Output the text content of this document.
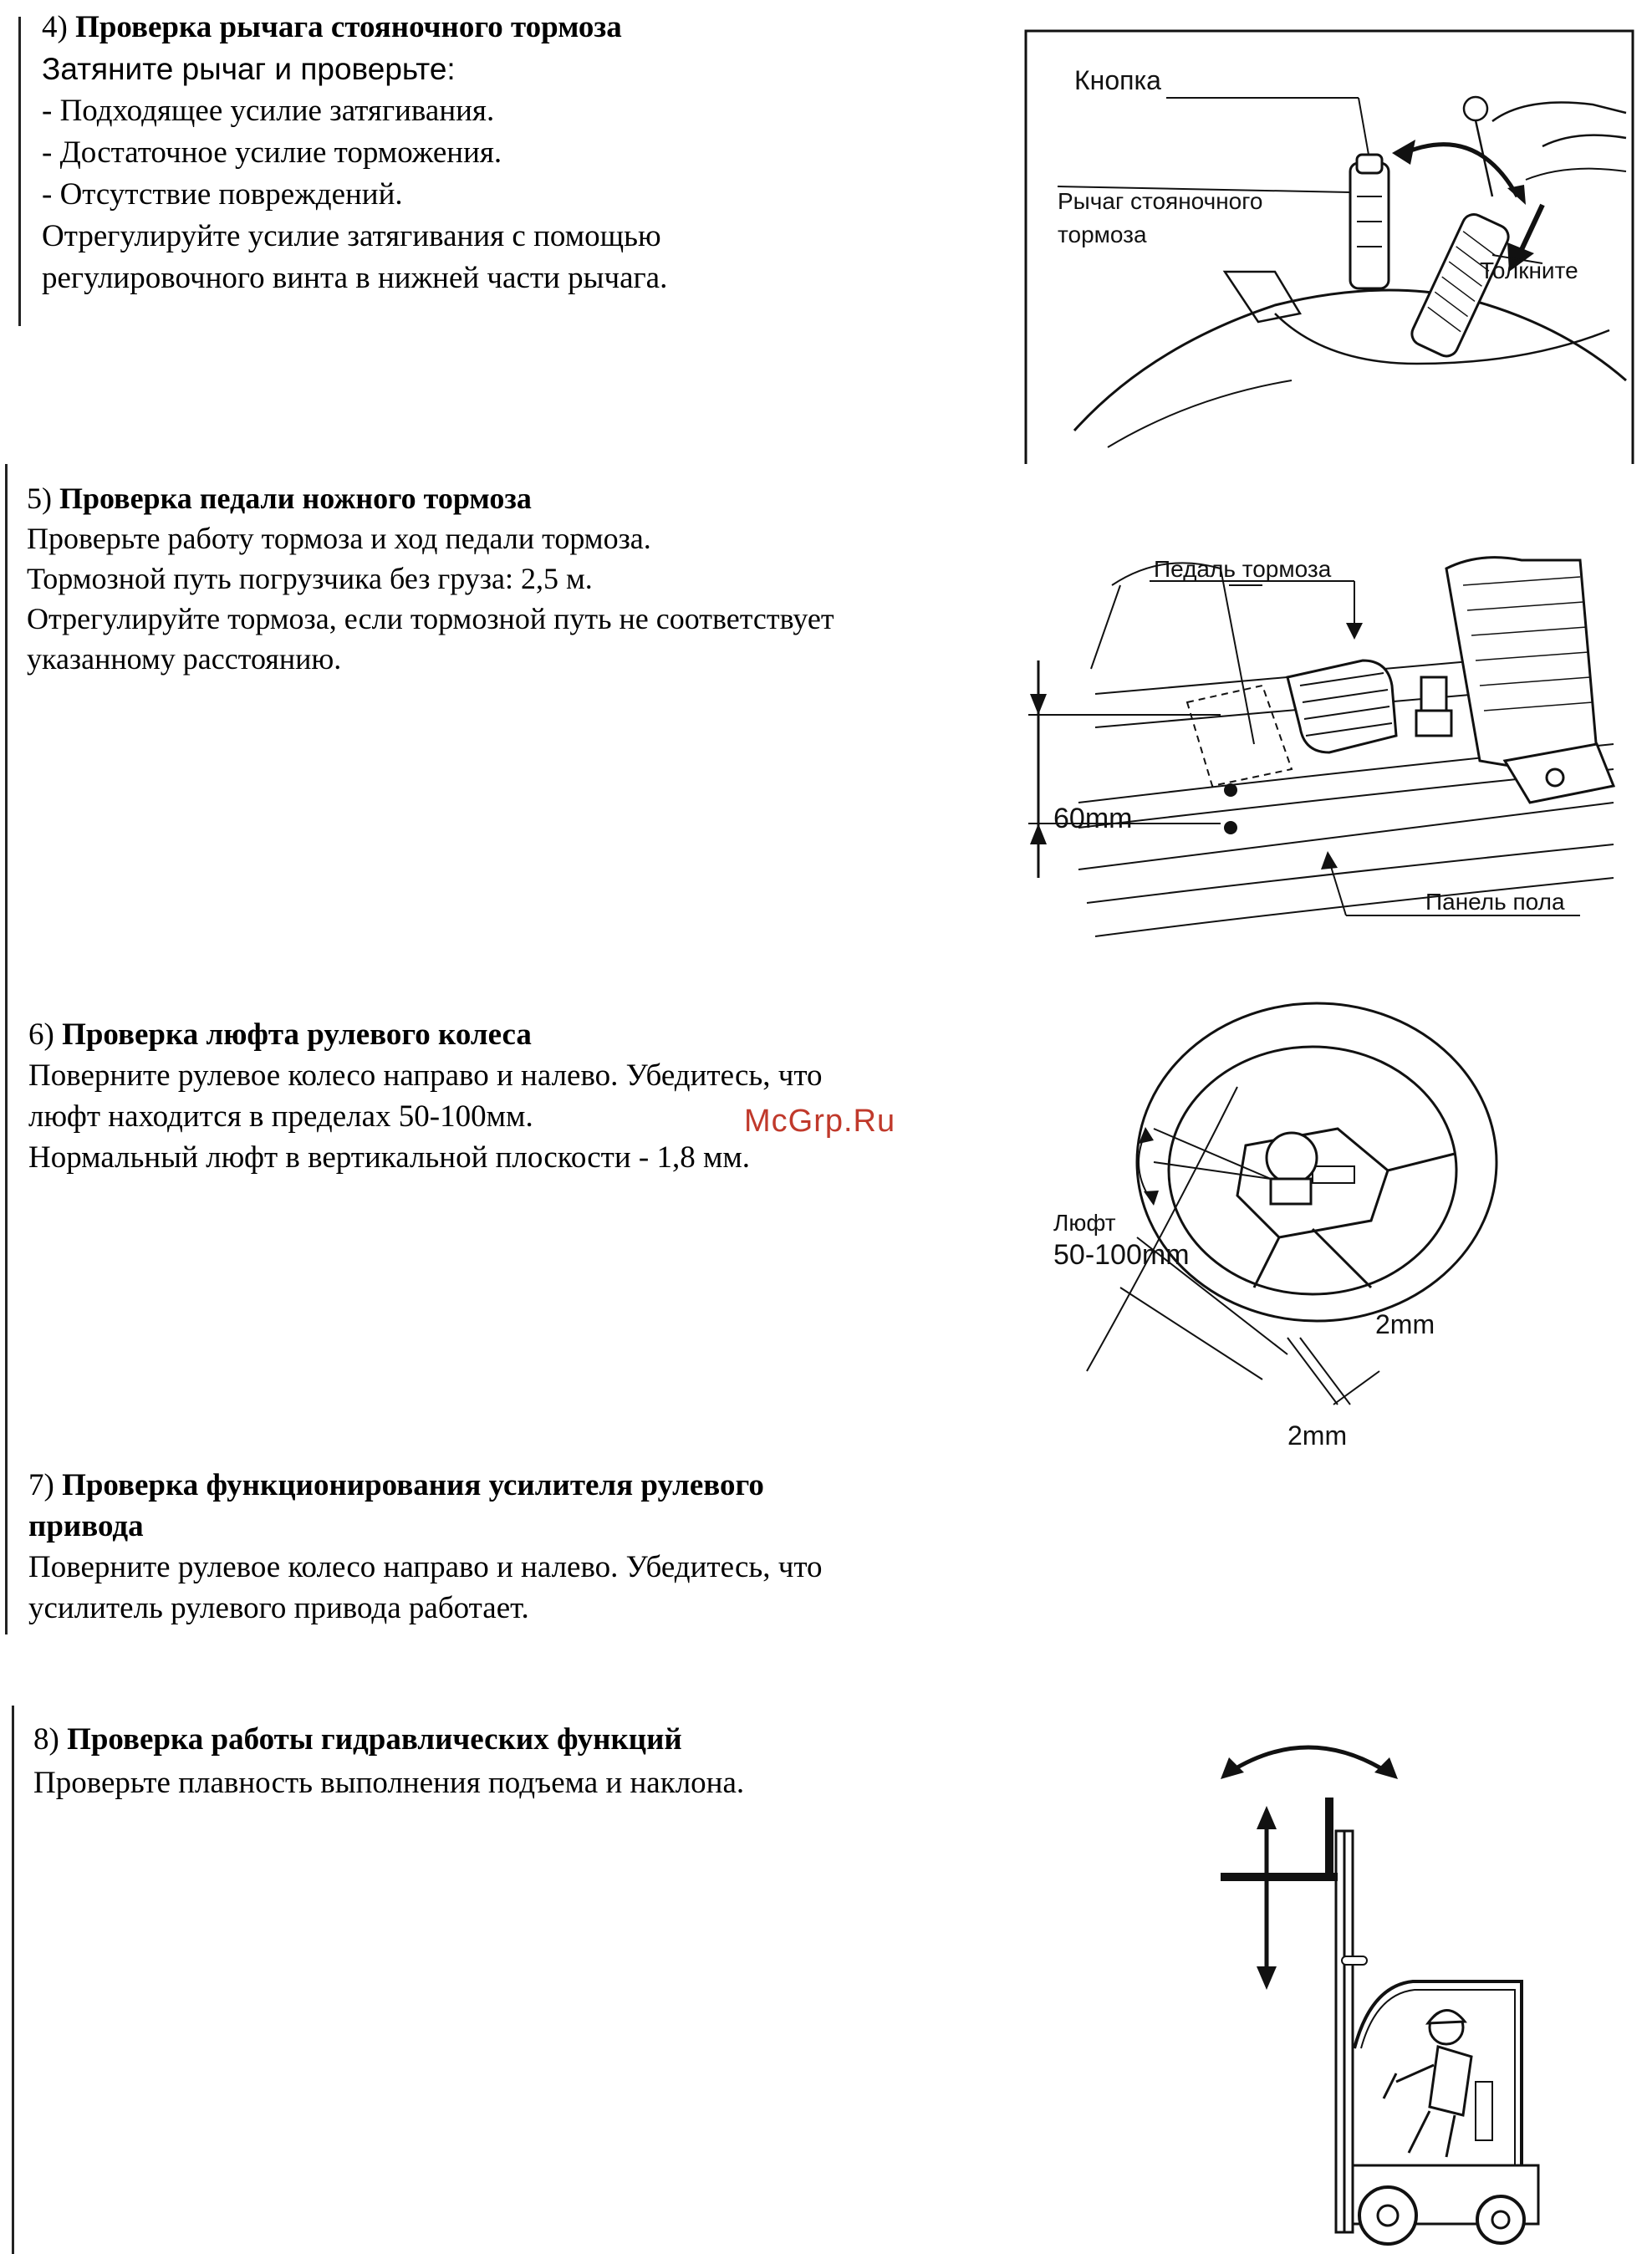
4) Проверка рычага стояночного тормоза
Затяните рычаг и проверьте:
- Подходящее усилие затягивания.
- Достаточное усилие торможения.
- Отсутствие повреждений.
Отрегулируйте усилие затягивания с помощью
регулировочного винта в нижней части рычага.
Кнопка
Рычаг стояночного
тормоза
Толкните
5) Проверка педали ножного тормоза
Проверьте работу тормоза и ход педали тормоза.
Тормозной путь погрузчика без груза: 2,5 м.
Отрегулируйте тормоза, если тормозной путь не соответствует
указанному расстоянию.
60mm
Педаль тормоза
Панель пола
6) Проверка люфта рулевого колеса
Поверните рулевое колесо направо и налево. Убедитесь, что
люфт находится в пределах 50-100мм.
Нормальный люфт в вертикальной плоскости - 1,8 мм.
McGrp.Ru
Люфт
50-100mm
2mm
2mm
7) Проверка функционирования усилителя рулевого
привода
Поверните рулевое колесо направо и налево. Убедитесь, что
усилитель рулевого привода работает.
8) Проверка работы гидравлических функций
Проверьте плавность выполнения подъема и наклона.
